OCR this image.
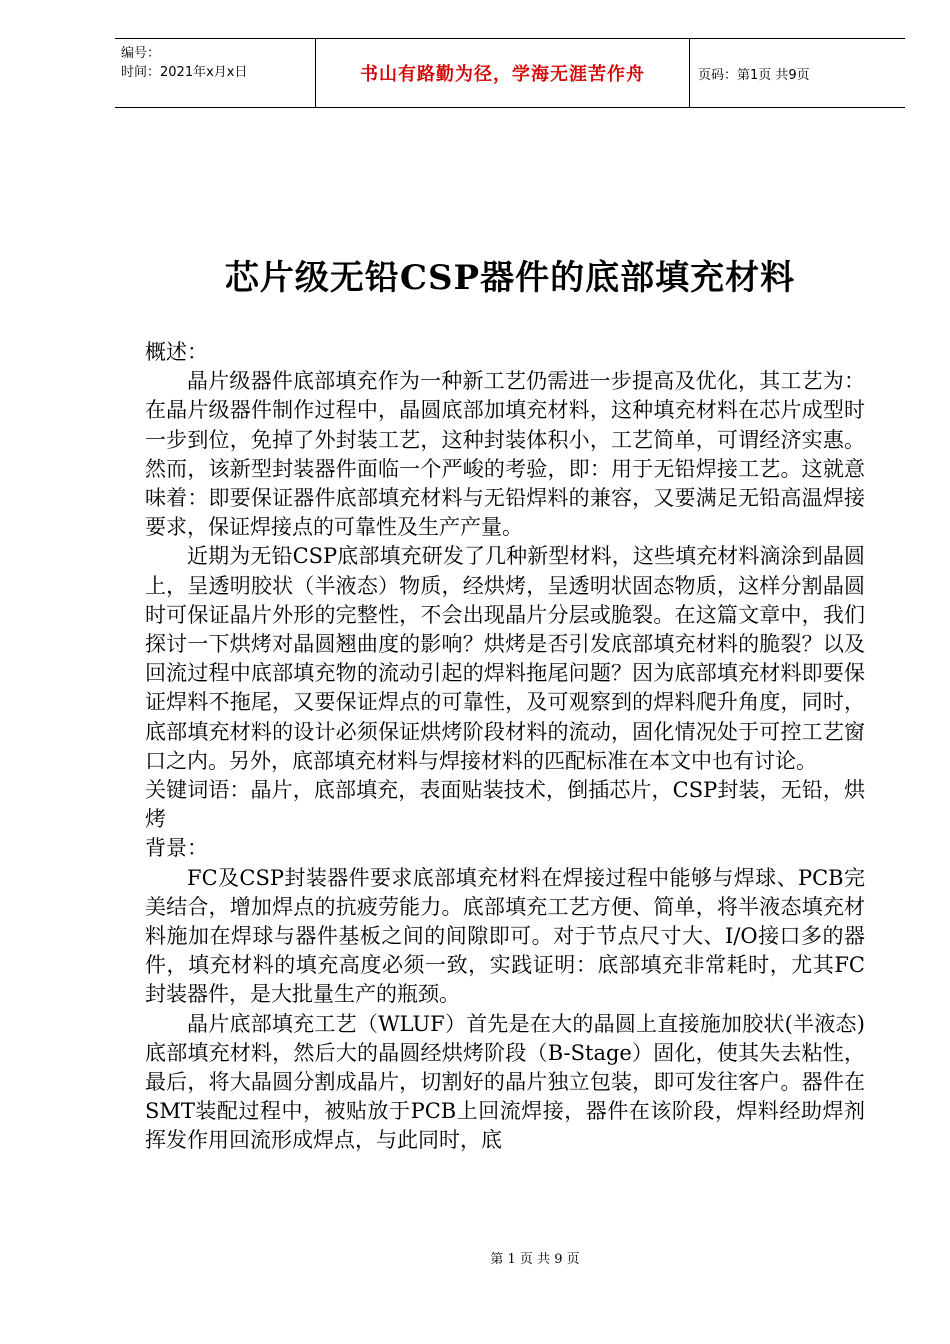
编号：
时间：2021年x月x日	书山有路勤为径，学海无涯苦作舟	页码：第1页 共9页
芯片级无铅CSP器件的底部填充材料

概述：

晶片级器件底部填充作为一种新工艺仍需进一步提高及优化，其工艺为：在晶片级器件制作过程中，晶圆底部加填充材料，这种填充材料在芯片成型时一步到位，免掉了外封装工艺，这种封装体积小，工艺简单，可谓经济实惠。然而，该新型封装器件面临一个严峻的考验，即：用于无铅焊接工艺。这就意味着：即要保证器件底部填充材料与无铅焊料的兼容，又要满足无铅高温焊接要求，保证焊接点的可靠性及生产产量。

近期为无铅CSP底部填充研发了几种新型材料，这些填充材料滴涂到晶圆上，呈透明胶状（半液态）物质，经烘烤，呈透明状固态物质，这样分割晶圆时可保证晶片外形的完整性，不会出现晶片分层或脆裂。在这篇文章中，我们探讨一下烘烤对晶圆翘曲度的影响？烘烤是否引发底部填充材料的脆裂？以及回流过程中底部填充物的流动引起的焊料拖尾问题？因为底部填充材料即要保证焊料不拖尾，又要保证焊点的可靠性，及可观察到的焊料爬升角度，同时，底部填充材料的设计必须保证烘烤阶段材料的流动，固化情况处于可控工艺窗口之内。另外，底部填充材料与焊接材料的匹配标准在本文中也有讨论。

关键词语：晶片，底部填充，表面贴装技术，倒插芯片，CSP封装，无铅，烘烤

背景：

FC及CSP封装器件要求底部填充材料在焊接过程中能够与焊球、PCB完美结合，增加焊点的抗疲劳能力。底部填充工艺方便、简单，将半液态填充材料施加在焊球与器件基板之间的间隙即可。对于节点尺寸大、I/O接口多的器件，填充材料的填充高度必须一致，实践证明：底部填充非常耗时，尤其FC封装器件，是大批量生产的瓶颈。

晶片底部填充工艺（WLUF）首先是在大的晶圆上直接施加胶状(半液态)底部填充材料，然后大的晶圆经烘烤阶段（B-Stage）固化，使其失去粘性，最后，将大晶圆分割成晶片，切割好的晶片独立包装，即可发往客户。器件在SMT装配过程中，被贴放于PCB上回流焊接，器件在该阶段，焊料经助焊剂挥发作用回流形成焊点，与此同时，底

第 1 页 共 9 页
